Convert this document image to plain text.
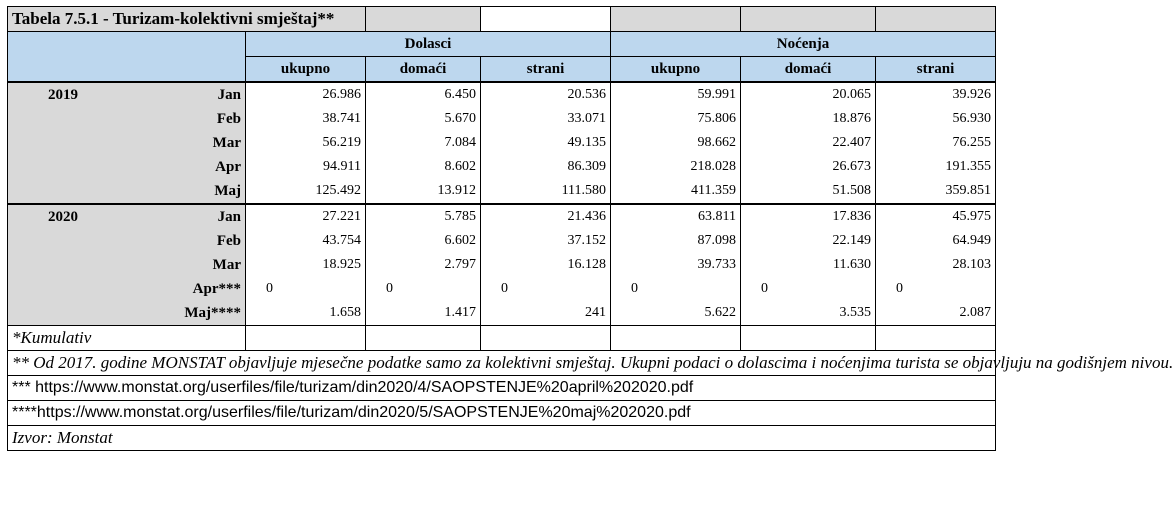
Tabela 7.5.1 - Turizam-kolektivni smještaj**							
		Dolasci			Noćenja		
		ukupno	domaći	strani	ukupno	domaći	strani
2019	Jan	26.986	6.450	20.536	59.991	20.065	39.926
	Feb	38.741	5.670	33.071	75.806	18.876	56.930
	Mar	56.219	7.084	49.135	98.662	22.407	76.255
	Apr	94.911	8.602	86.309	218.028	26.673	191.355
	Maj	125.492	13.912	111.580	411.359	51.508	359.851
2020	Jan	27.221	5.785	21.436	63.811	17.836	45.975
	Feb	43.754	6.602	37.152	87.098	22.149	64.949
	Mar	18.925	2.797	16.128	39.733	11.630	28.103
	Apr***	0	0	0	0	0	0
	Maj****	1.658	1.417	241	5.622	3.535	2.087
*Kumulativ							
** Od 2017. godine MONSTAT objavljuje mjesečne podatke samo za kolektivni smještaj. Ukupni podaci o dolascima i noćenjima turista se objavljuju na godišnjem nivou.							
*** https://www.monstat.org/userfiles/file/turizam/din2020/4/SAOPSTENJE%20april%202020.pdf							
****https://www.monstat.org/userfiles/file/turizam/din2020/5/SAOPSTENJE%20maj%202020.pdf							
Izvor: Monstat							
